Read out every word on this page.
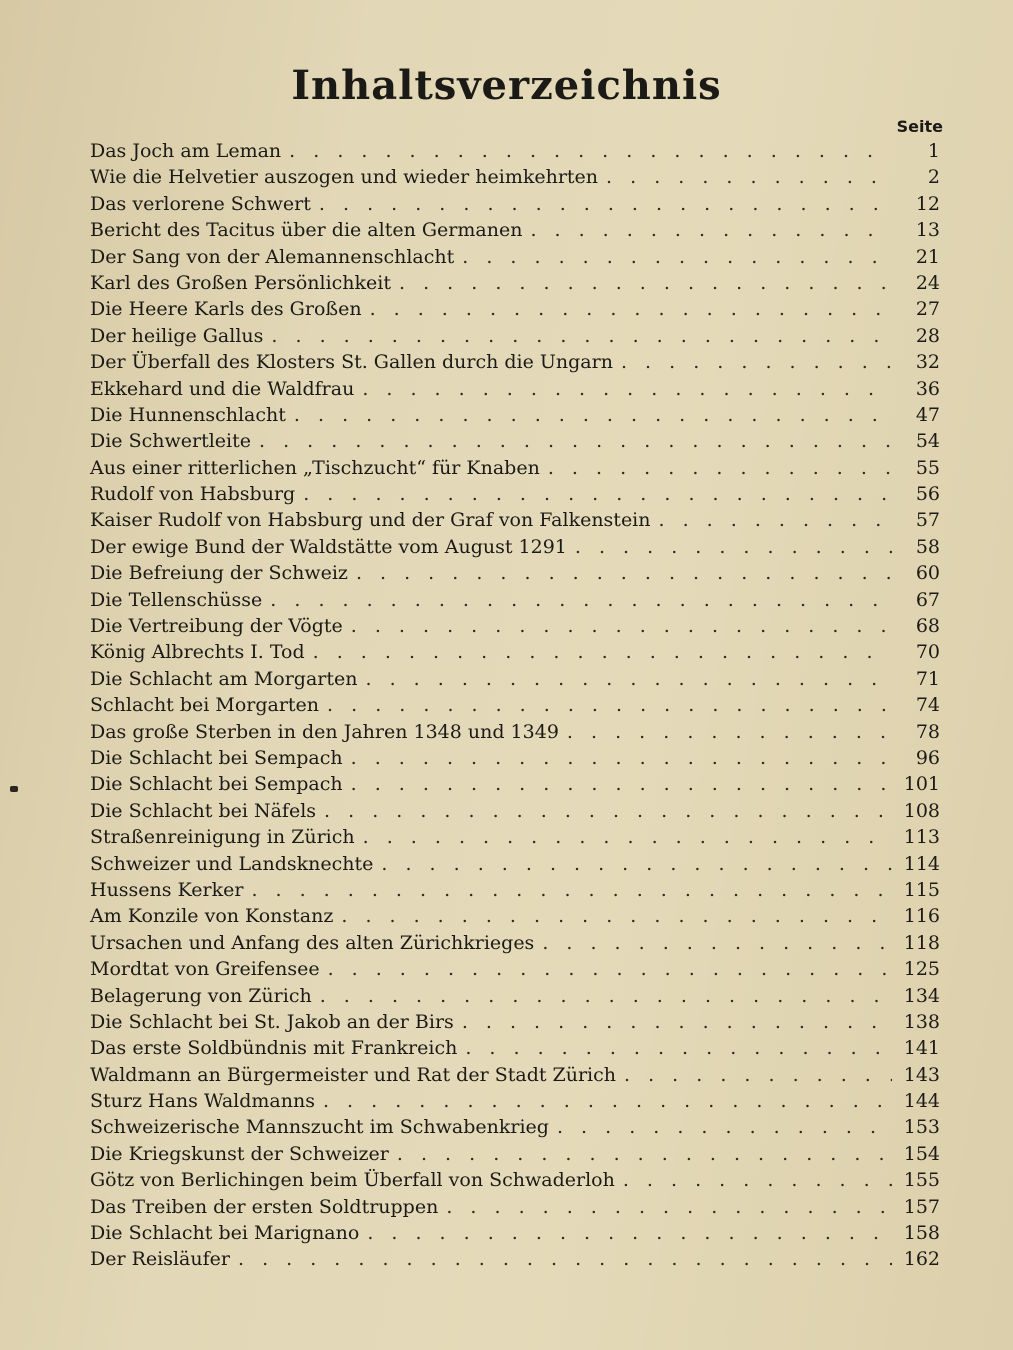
Inhaltsverzeichnis
Seite
Das Joch am Leman . . .	1
Wie die Helvetier auszogen und wieder heimkehrten . . .	2
Das verlorene Schwert . . .	12
Bericht des Tacitus über die alten Germanen . . .	13
Der Sang von der Alemannenschlacht . . .	21
Karl des Großen Persönlichkeit . . .	24
Die Heere Karls des Großen . . .	27
Der heilige Gallus . . .	28
Der Überfall des Klosters St. Gallen durch die Ungarn . . .	32
Ekkehard und die Waldfrau . . .	36
Die Hunnenschlacht . . .	47
Die Schwertleite . . .	54
Aus einer ritterlichen „Tischzucht“ für Knaben . . .	55
Rudolf von Habsburg . . .	56
Kaiser Rudolf von Habsburg und der Graf von Falkenstein . . .	57
Der ewige Bund der Waldstätte vom August 1291 . . .	58
Die Befreiung der Schweiz . . .	60
Die Tellenschüsse . . .	67
Die Vertreibung der Vögte . . .	68
König Albrechts I. Tod . . .	70
Die Schlacht am Morgarten . . .	71
Schlacht bei Morgarten . . .	74
Das große Sterben in den Jahren 1348 und 1349 . . .	78
Die Schlacht bei Sempach . . .	96
Die Schlacht bei Sempach . . .	101
Die Schlacht bei Näfels . . .	108
Straßenreinigung in Zürich . . .	113
Schweizer und Landsknechte . . .	114
Hussens Kerker . . .	115
Am Konzile von Konstanz . . .	116
Ursachen und Anfang des alten Zürichkrieges . . .	118
Mordtat von Greifensee . . .	125
Belagerung von Zürich . . .	134
Die Schlacht bei St. Jakob an der Birs . . .	138
Das erste Soldbündnis mit Frankreich . . .	141
Waldmann an Bürgermeister und Rat der Stadt Zürich . . .	143
Sturz Hans Waldmanns . . .	144
Schweizerische Mannszucht im Schwabenkrieg . . .	153
Die Kriegskunst der Schweizer . . .	154
Götz von Berlichingen beim Überfall von Schwaderloh . . .	155
Das Treiben der ersten Soldtruppen . . .	157
Die Schlacht bei Marignano . . .	158
Der Reisläufer . . .	162
